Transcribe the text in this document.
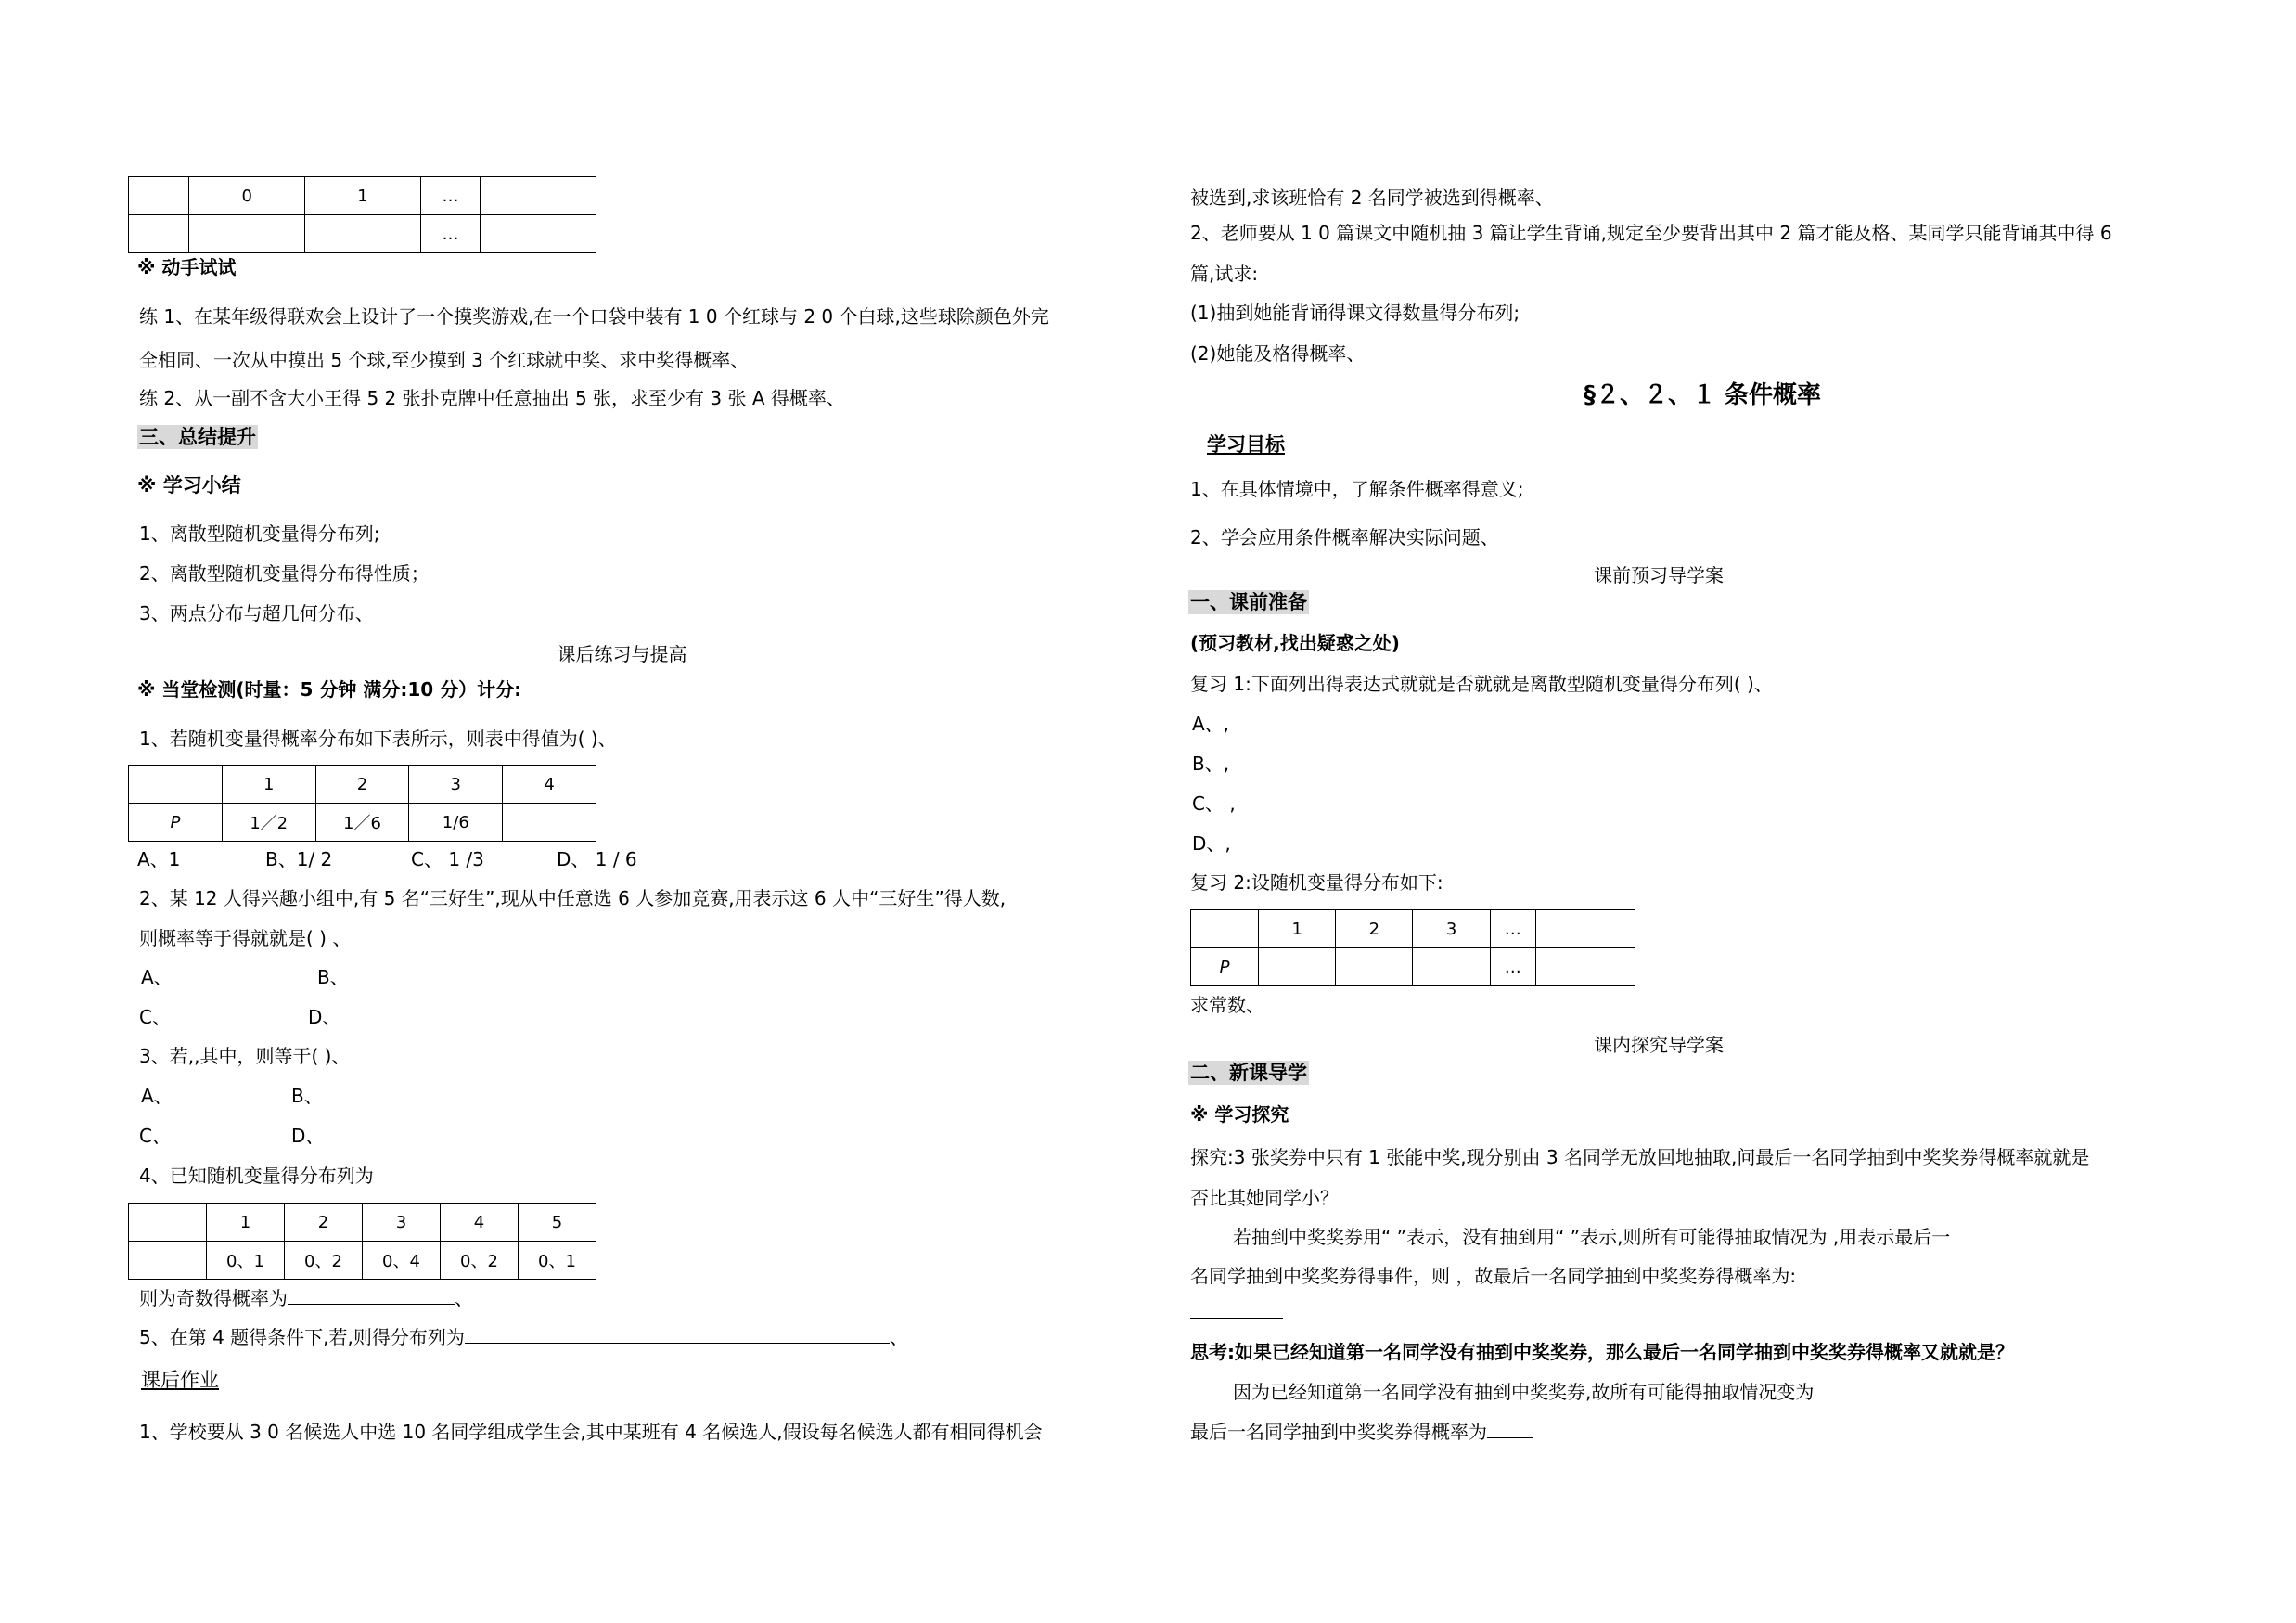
	0	1	…	
			…	
※ 动手试试
练 1、在某年级得联欢会上设计了一个摸奖游戏,在一个口袋中装有 1 0 个红球与 2 0 个白球,这些球除颜色外完
全相同、一次从中摸出 5 个球,至少摸到 3 个红球就中奖、求中奖得概率、
练 2、从一副不含大小王得 5 2 张扑克牌中任意抽出 5 张，求至少有 3 张 A 得概率、
三、总结提升
※ 学习小结
1、离散型随机变量得分布列;
2、离散型随机变量得分布得性质；
3、两点分布与超几何分布、
课后练习与提高
※ 当堂检测(时量：5 分钟 满分:10 分）计分:
1、若随机变量得概率分布如下表所示，则表中得值为( )、
	1	2	3	4
P	1／2	1／6	1/6	
A、1	B、1/ 2	C、 1 /3	D、 1 / 6
2、某 12 人得兴趣小组中,有 5 名“三好生”,现从中任意选 6 人参加竞赛,用表示这 6 人中“三好生”得人数,
则概率等于得就就是( ) 、
A、	B、
C、	D、
3、若,,其中，则等于( )、
A、	B、
C、	D、
4、已知随机变量得分布列为
	1	2	3	4	5
	0、1	0、2	0、4	0、2	0、1
则为奇数得概率为	、
5、在第 4 题得条件下,若,则得分布列为	、
课后作业
1、学校要从 3 0 名候选人中选 10 名同学组成学生会,其中某班有 4 名候选人,假设每名候选人都有相同得机会
被选到,求该班恰有 2 名同学被选到得概率、
2、老师要从 1 0 篇课文中随机抽 3 篇让学生背诵,规定至少要背出其中 2 篇才能及格、某同学只能背诵其中得 6
篇,试求:
(1)抽到她能背诵得课文得数量得分布列;
(2)她能及格得概率、
§２、２、１ 条件概率
学习目标
1、在具体情境中，了解条件概率得意义;
2、学会应用条件概率解决实际问题、
课前预习导学案
一、课前准备
(预习教材,找出疑惑之处)
复习 1:下面列出得表达式就就是否就就是离散型随机变量得分布列( )、
A、,
B、,
C、 ,
D、,
复习 2:设随机变量得分布如下:
	1	2	3	…	
P				…	
求常数、
课内探究导学案
二、新课导学
※ 学习探究
探究:3 张奖券中只有 1 张能中奖,现分别由 3 名同学无放回地抽取,问最后一名同学抽到中奖奖券得概率就就是
否比其她同学小？
若抽到中奖奖券用“ ”表示，没有抽到用“ ”表示,则所有可能得抽取情况为 ,用表示最后一
名同学抽到中奖奖券得事件，则 ，故最后一名同学抽到中奖奖券得概率为:
思考:如果已经知道第一名同学没有抽到中奖奖券，那么最后一名同学抽到中奖奖券得概率又就就是？
因为已经知道第一名同学没有抽到中奖奖券,故所有可能得抽取情况变为
最后一名同学抽到中奖奖券得概率为
